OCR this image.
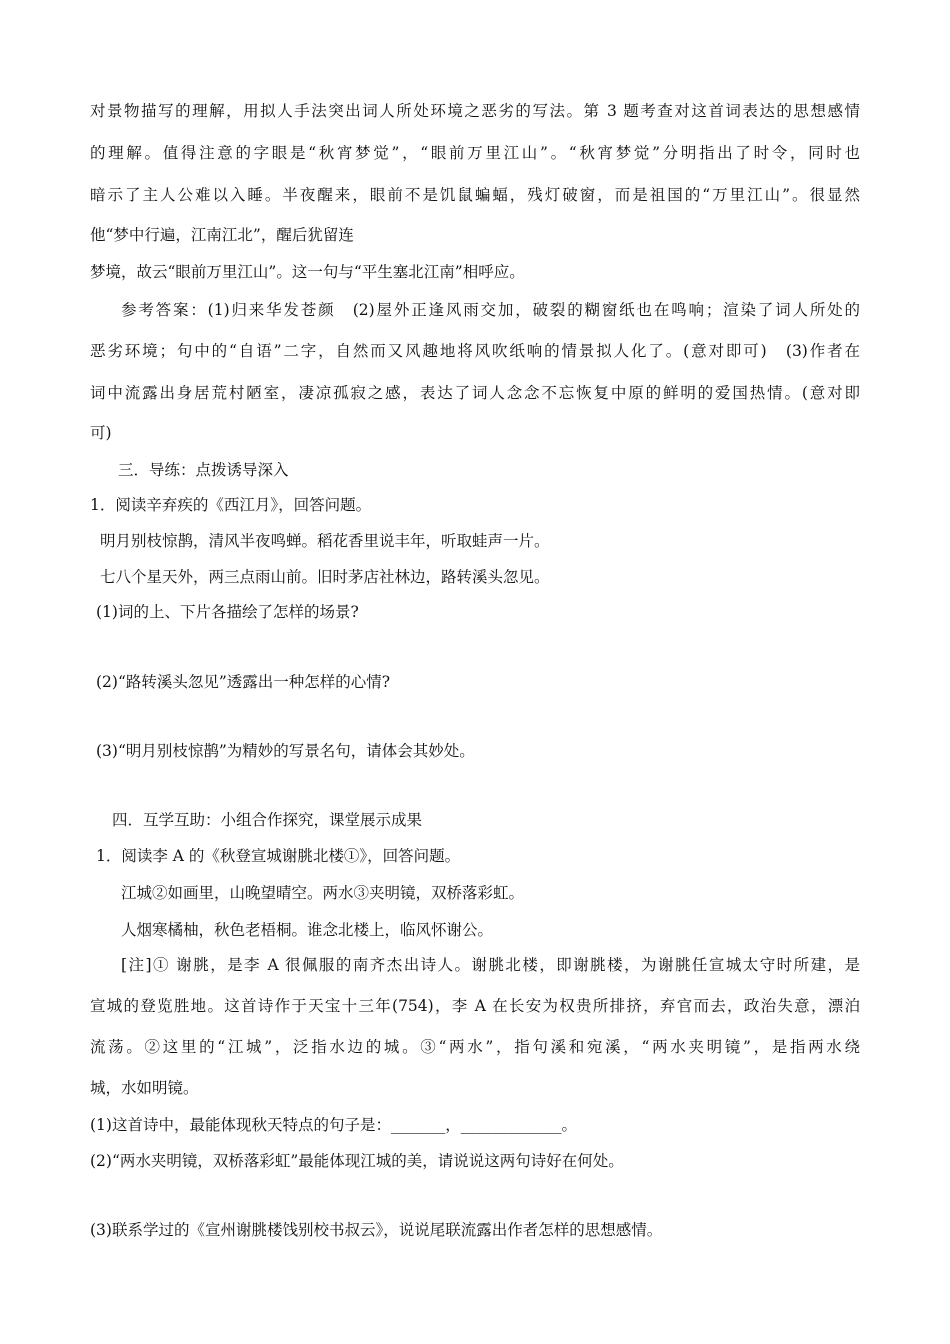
对景物描写的理解，用拟人手法突出词人所处环境之恶劣的写法。第 3 题考查对这首词表达的思想感情
的理解。值得注意的字眼是“秋宵梦觉”，“眼前万里江山”。“秋宵梦觉”分明指出了时令，同时也
暗示了主人公难以入睡。半夜醒来，眼前不是饥鼠蝙蝠，残灯破窗，而是祖国的“万里江山”。很显然
他“梦中行遍，江南江北”，醒后犹留连
梦境，故云“眼前万里江山”。这一句与“平生塞北江南”相呼应。
参考答案：(1)归来华发苍颜　(2)屋外正逢风雨交加，破裂的糊窗纸也在鸣响；渲染了词人所处的
恶劣环境；句中的“自语”二字，自然而又风趣地将风吹纸响的情景拟人化了。(意对即可)　(3)作者在
词中流露出身居荒村陋室，凄凉孤寂之感，表达了词人念念不忘恢复中原的鲜明的爱国热情。(意对即
可)
三．导练：点拨诱导深入
1．阅读辛弃疾的《西江月》，回答问题。
明月别枝惊鹊，清风半夜鸣蝉。稻花香里说丰年，听取蛙声一片。
七八个星天外，两三点雨山前。旧时茅店社林边，路转溪头忽见。
(1)词的上、下片各描绘了怎样的场景?
(2)“路转溪头忽见”透露出一种怎样的心情?
(3)“明月别枝惊鹊”为精妙的写景名句，请体会其妙处。
四．互学互助：小组合作探究，课堂展示成果
1．阅读李 A 的《秋登宣城谢朓北楼①》，回答问题。
江城②如画里，山晚望晴空。两水③夹明镜，双桥落彩虹。
人烟寒橘柚，秋色老梧桐。谁念北楼上，临风怀谢公。
[注]① 谢朓，是李 A 很佩服的南齐杰出诗人。谢朓北楼，即谢朓楼，为谢朓任宣城太守时所建，是
宣城的登览胜地。这首诗作于天宝十三年(754)，李 A 在长安为权贵所排挤，弃官而去，政治失意，漂泊
流荡。②这里的“江城”，泛指水边的城。③“两水”，指句溪和宛溪，“两水夹明镜”，是指两水绕
城，水如明镜。
(1)这首诗中，最能体现秋天特点的句子是：_______，_____________。
(2)“两水夹明镜，双桥落彩虹”最能体现江城的美，请说说这两句诗好在何处。
(3)联系学过的《宣州谢朓楼饯别校书叔云》，说说尾联流露出作者怎样的思想感情。
